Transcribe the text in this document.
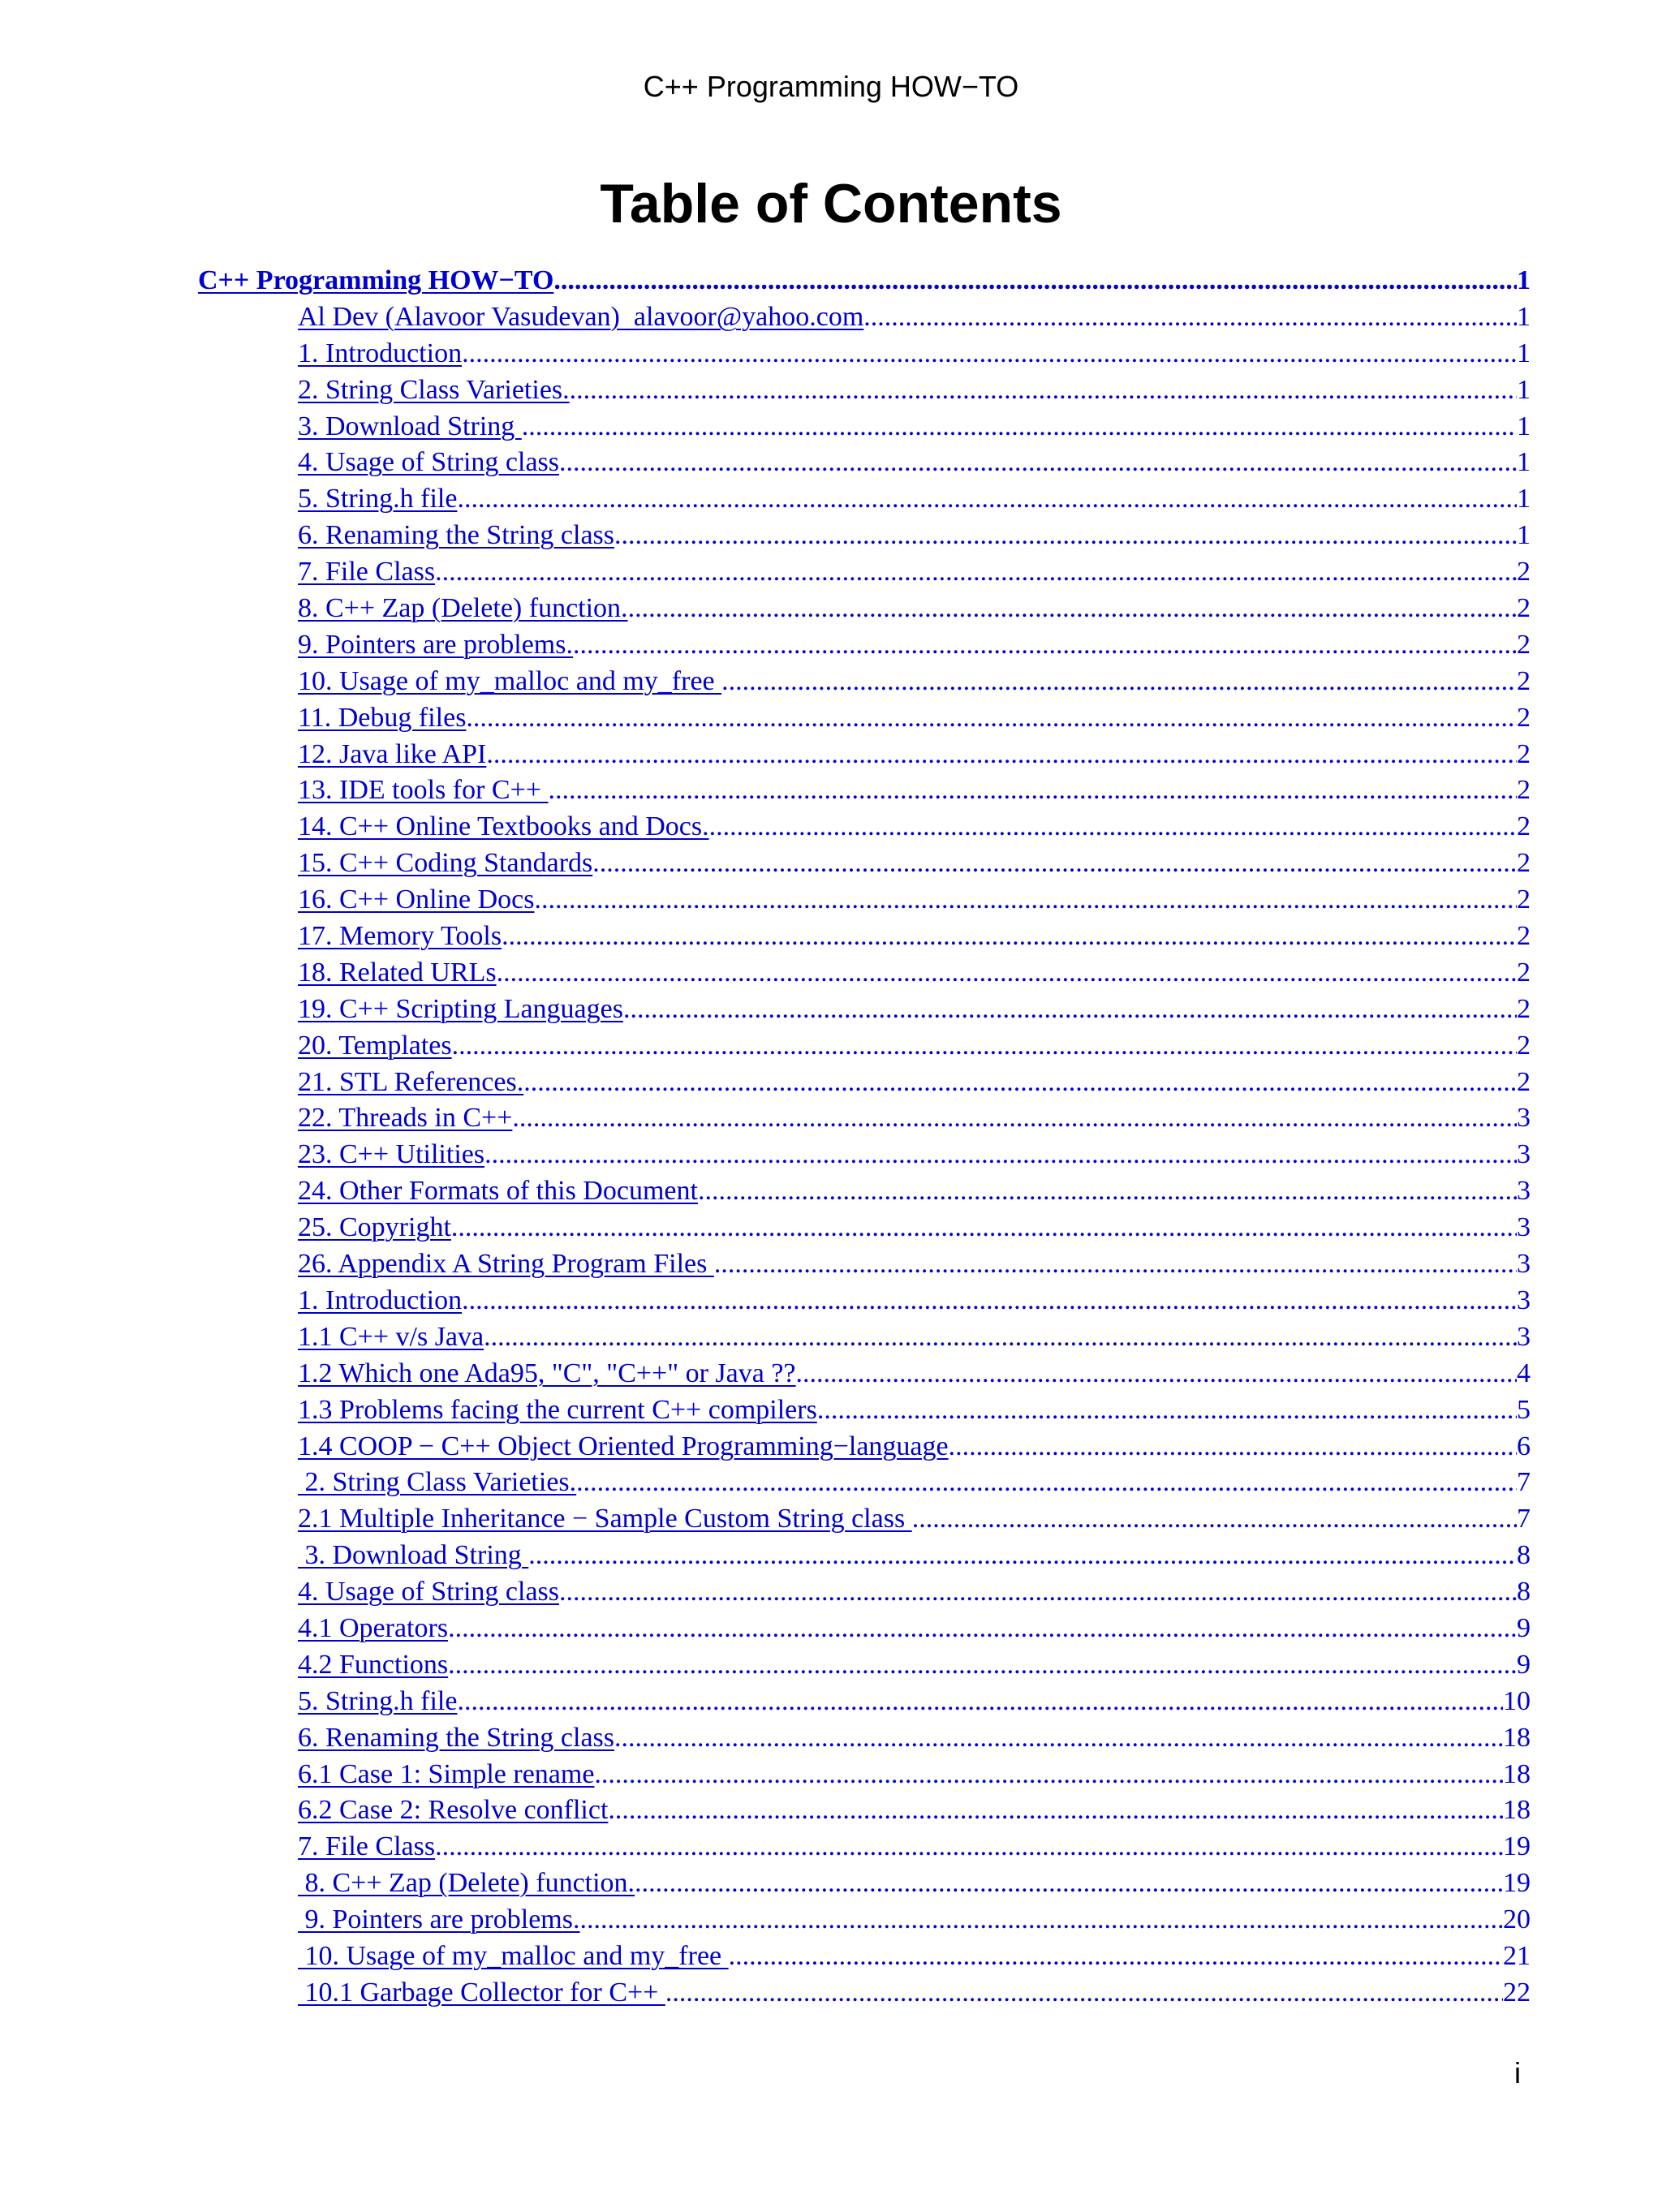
C++ Programming HOW−TO
Table of Contents
C++ Programming HOW−TO .....	1
Al Dev (Alavoor Vasudevan)  alavoor@yahoo.com .....	1
1. Introduction .....	1
2. String Class Varieties. .....	1
3. Download String .....	1
4. Usage of String class .....	1
5. String.h file .....	1
6. Renaming the String class .....	1
7. File Class .....	2
8. C++ Zap (Delete) function. .....	2
9. Pointers are problems. .....	2
10. Usage of my_malloc and my_free .....	2
11. Debug files .....	2
12. Java like API .....	2
13. IDE tools for C++ .....	2
14. C++ Online Textbooks and Docs. .....	2
15. C++ Coding Standards .....	2
16. C++ Online Docs .....	2
17. Memory Tools .....	2
18. Related URLs .....	2
19. C++ Scripting Languages .....	2
20. Templates .....	2
21. STL References. .....	2
22. Threads in C++ .....	3
23. C++ Utilities .....	3
24. Other Formats of this Document .....	3
25. Copyright .....	3
26. Appendix A String Program Files .....	3
1. Introduction .....	3
1.1 C++ v/s Java .....	3
1.2 Which one Ada95, "C", "C++" or Java ?? .....	4
1.3 Problems facing the current C++ compilers .....	5
1.4 COOP − C++ Object Oriented Programming−language .....	6
2. String Class Varieties. .....	7
2.1 Multiple Inheritance − Sample Custom String class .....	7
3. Download String .....	8
4. Usage of String class .....	8
4.1 Operators .....	9
4.2 Functions .....	9
5. String.h file .....	10
6. Renaming the String class .....	18
6.1 Case 1: Simple rename .....	18
6.2 Case 2: Resolve conflict .....	18
7. File Class .....	19
8. C++ Zap (Delete) function. .....	19
9. Pointers are problems. .....	20
10. Usage of my_malloc and my_free .....	21
10.1 Garbage Collector for C++ .....	22
i
